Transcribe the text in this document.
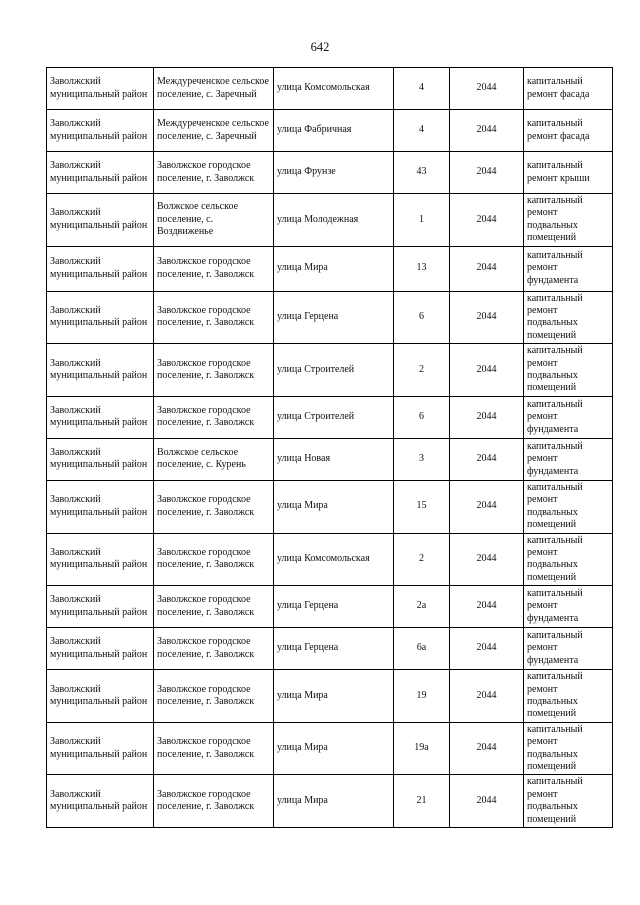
642
Заволжский муниципальный район	Междуреченское сельское поселение, с. Заречный	улица Комсомольская	4	2044	капитальный ремонт фасада
Заволжский муниципальный район	Междуреченское сельское поселение, с. Заречный	улица Фабричная	4	2044	капитальный ремонт фасада
Заволжский муниципальный район	Заволжское городское поселение, г. Заволжск	улица Фрунзе	43	2044	капитальный ремонт крыши
Заволжский муниципальный район	Волжское сельское поселение, с. Воздвиженье	улица Молодежная	1	2044	капитальный ремонт подвальных помещений
Заволжский муниципальный район	Заволжское городское поселение, г. Заволжск	улица Мира	13	2044	капитальный ремонт фундамента
Заволжский муниципальный район	Заволжское городское поселение, г. Заволжск	улица Герцена	6	2044	капитальный ремонт подвальных помещений
Заволжский муниципальный район	Заволжское городское поселение, г. Заволжск	улица Строителей	2	2044	капитальный ремонт подвальных помещений
Заволжский муниципальный район	Заволжское городское поселение, г. Заволжск	улица Строителей	6	2044	капитальный ремонт фундамента
Заволжский муниципальный район	Волжское сельское поселение, с. Курень	улица Новая	3	2044	капитальный ремонт фундамента
Заволжский муниципальный район	Заволжское городское поселение, г. Заволжск	улица Мира	15	2044	капитальный ремонт подвальных помещений
Заволжский муниципальный район	Заволжское городское поселение, г. Заволжск	улица Комсомольская	2	2044	капитальный ремонт подвальных помещений
Заволжский муниципальный район	Заволжское городское поселение, г. Заволжск	улица Герцена	2а	2044	капитальный ремонт фундамента
Заволжский муниципальный район	Заволжское городское поселение, г. Заволжск	улица Герцена	6а	2044	капитальный ремонт фундамента
Заволжский муниципальный район	Заволжское городское поселение, г. Заволжск	улица Мира	19	2044	капитальный ремонт подвальных помещений
Заволжский муниципальный район	Заволжское городское поселение, г. Заволжск	улица Мира	19а	2044	капитальный ремонт подвальных помещений
Заволжский муниципальный район	Заволжское городское поселение, г. Заволжск	улица Мира	21	2044	капитальный ремонт подвальных помещений
